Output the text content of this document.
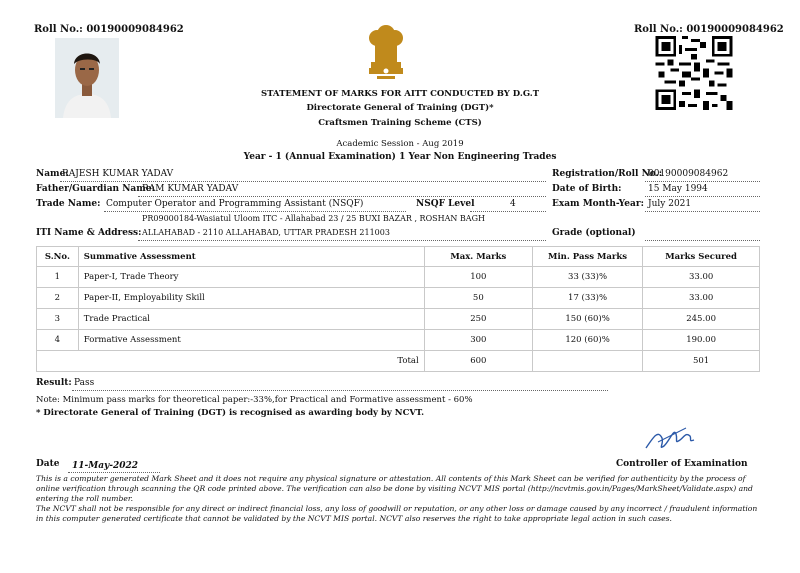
Roll No.: 00190009084962	Roll No.: 00190009084962
STATEMENT OF MARKS FOR AITT CONDUCTED BY D.G.T
Directorate General of Training (DGT)*
Craftsmen Training Scheme (CTS)
Academic Session - Aug 2019
Year - 1 (Annual Examination) 1 Year Non Engineering Trades
Name:
RAJESH KUMAR YADAV	Registration/Roll No.:
00190009084962
Father/Guardian Name:
RAM KUMAR YADAV	Date of Birth:	15 May 1994
Trade Name: Computer Operator and Programming Assistant (NSQF)	NSQF Level	4	Exam Month-Year: July 2021
PR09000184-Wasiatul Uloom ITC - Allahabad 23 / 25 BUXI BAZAR , ROSHAN BAGH
ITI Name & Address: ALLAHABAD - 2110 ALLAHABAD, UTTAR PRADESH 211003	Grade (optional)
S.No.	Summative Assessment	Max. Marks	Min. Pass Marks	Marks Secured
1	Paper-I, Trade Theory	100	33 (33)%	33.00
2	Paper-II, Employability Skill	50	17 (33)%	33.00
3	Trade Practical	250	150 (60)%	245.00
4	Formative Assessment	300	120 (60)%	190.00
Total		600		501
Result: Pass
Note: Minimum pass marks for theoretical paper:-33%,for Practical and Formative assessment - 60%
* Directorate General of Training (DGT) is recognised as awarding body by NCVT.
Date 11-May-2022	Controller of Examination
This is a computer generated Mark Sheet and it does not require any physical signature or attestation. All contents of this Mark Sheet can be verified for authenticity by the process of online verification through scanning the QR code printed above. The verification can also be done by visiting NCVT MIS portal (http://ncvtmis.gov.in/Pages/MarkSheet/Validate.aspx) and entering the roll number.
The NCVT shall not be responsible for any direct or indirect financial loss, any loss of goodwill or reputation, or any other loss or damage caused by any incorrect / fraudulent information in this computer generated certificate that cannot be validated by the NCVT MIS portal. NCVT also reserves the right to take appropriate legal action in such cases.
